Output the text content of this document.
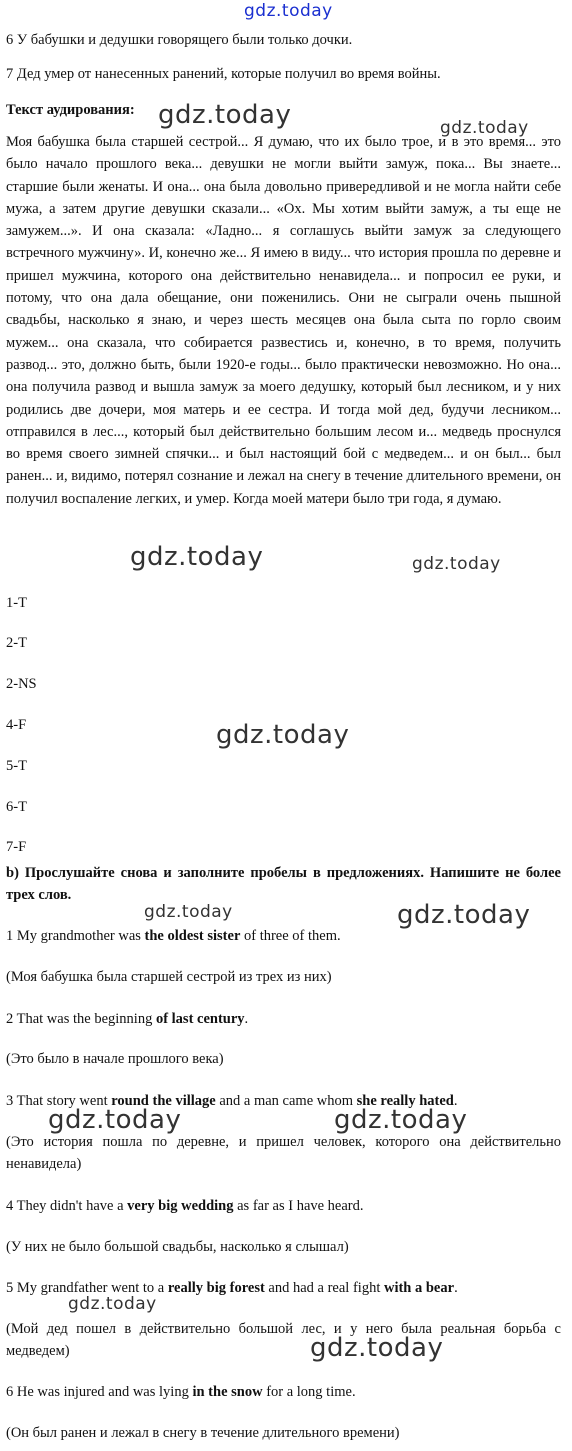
gdz.today
gdz.today	gdz.today
gdz.today	gdz.today
gdz.today
gdz.today	gdz.today
gdz.today	gdz.today
gdz.today
gdz.today
6 У бабушки и дедушки говорящего были только дочки.
7 Дед умер от нанесенных ранений, которые получил во время войны.
Текст аудирования:
Моя бабушка была старшей сестрой... Я думаю, что их было трое, и в это время... это было начало прошлого века... девушки не могли выйти замуж, пока... Вы знаете... старшие были женаты. И она... она была довольно привередливой и не могла найти себе мужа, а затем другие девушки сказали... «Ох. Мы хотим выйти замуж, а ты еще не замужем...». И она сказала: «Ладно... я соглашусь выйти замуж за следующего встречного мужчину». И, конечно же... Я имею в виду... что история прошла по деревне и пришел мужчина, которого она действительно ненавидела... и попросил ее руки, и потому, что она дала обещание, они поженились. Они не сыграли очень пышной свадьбы, насколько я знаю, и через шесть месяцев она была сыта по горло своим мужем... она сказала, что собирается развестись и, конечно, в то время, получить развод... это, должно быть, были 1920-е годы... было практически невозможно. Но она... она получила развод и вышла замуж за моего дедушку, который был лесником, и у них родились две дочери, моя матерь и ее сестра. И тогда мой дед, будучи лесником... отправился в лес..., который был действительно большим лесом и... медведь проснулся во время своего зимней спячки... и был настоящий бой с медведем... и он был... был ранен... и, видимо, потерял сознание и лежал на снегу в течение длительного времени, он получил воспаление легких, и умер. Когда моей матери было три года, я думаю.
1-T
2-T
2-NS
4-F
5-T
6-T
7-F
b) Прослушайте снова и заполните пробелы в предложениях. Напишите не более трех слов.
1 My grandmother was the oldest sister of three of them.
(Моя бабушка была старшей сестрой из трех из них)
2 That was the beginning of last century.
(Это было в начале прошлого века)
3 That story went round the village and a man came whom she really hated.
(Это история пошла по деревне, и пришел человек, которого она действительно ненавидела)
4 They didn't have a very big wedding as far as I have heard.
(У них не было большой свадьбы, насколько я слышал)
5 My grandfather went to a really big forest and had a real fight with a bear.
(Мой дед пошел в действительно большой лес, и у него была реальная борьба с медведем)
6 He was injured and was lying in the snow for a long time.
(Он был ранен и лежал в снегу в течение длительного времени)
